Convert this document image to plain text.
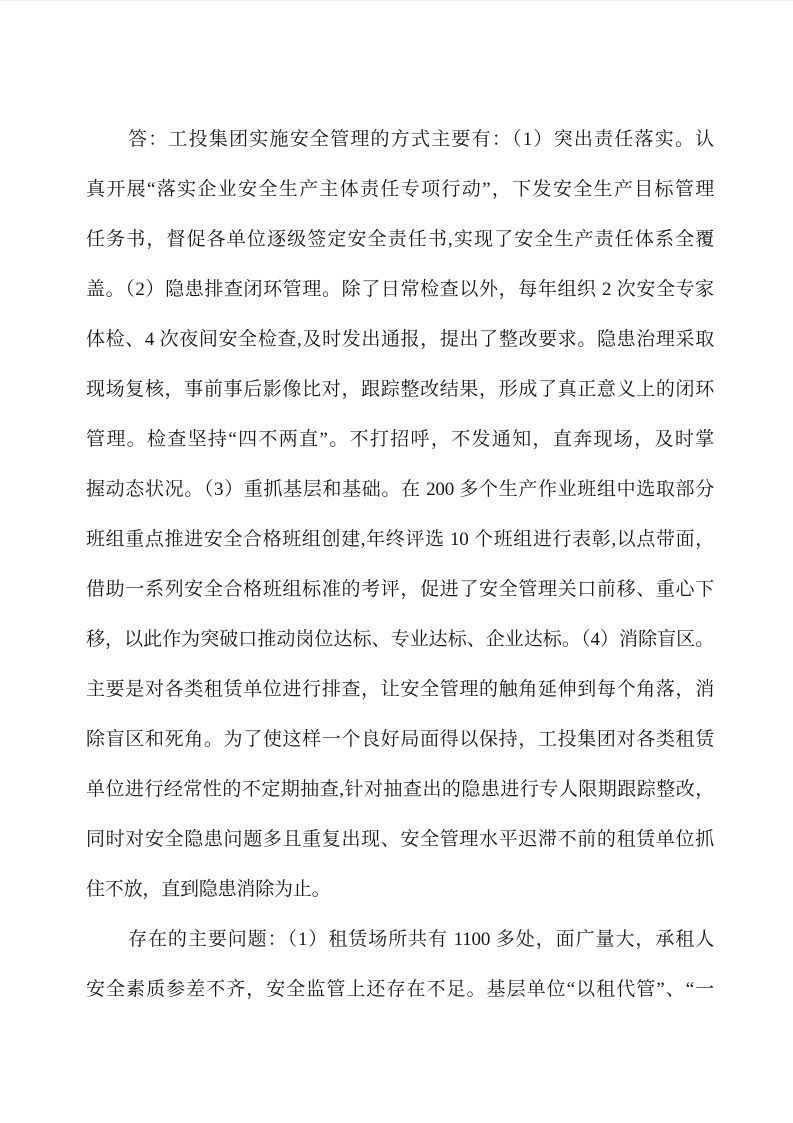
答：工投集团实施安全管理的方式主要有：（1）突出责任落实。认
真开展“落实企业安全生产主体责任专项行动”，下发安全生产目标管理
任务书，督促各单位逐级签定安全责任书,实现了安全生产责任体系全覆
盖。（2）隐患排查闭环管理。除了日常检查以外，每年组织 2 次安全专家
体检、4 次夜间安全检查,及时发出通报，提出了整改要求。隐患治理采取
现场复核，事前事后影像比对，跟踪整改结果，形成了真正意义上的闭环
管理。检查坚持“四不两直”。不打招呼，不发通知，直奔现场，及时掌
握动态状况。（3）重抓基层和基础。在 200 多个生产作业班组中选取部分
班组重点推进安全合格班组创建,年终评选 10 个班组进行表彰,以点带面，
借助一系列安全合格班组标准的考评，促进了安全管理关口前移、重心下
移，以此作为突破口推动岗位达标、专业达标、企业达标。（4）消除盲区。
主要是对各类租赁单位进行排查，让安全管理的触角延伸到每个角落，消
除盲区和死角。为了使这样一个良好局面得以保持，工投集团对各类租赁
单位进行经常性的不定期抽查,针对抽查出的隐患进行专人限期跟踪整改，
同时对安全隐患问题多且重复出现、安全管理水平迟滞不前的租赁单位抓
住不放，直到隐患消除为止。
存在的主要问题：（1）租赁场所共有 1100 多处，面广量大，承租人
安全素质参差不齐，安全监管上还存在不足。基层单位“以租代管”、“一
